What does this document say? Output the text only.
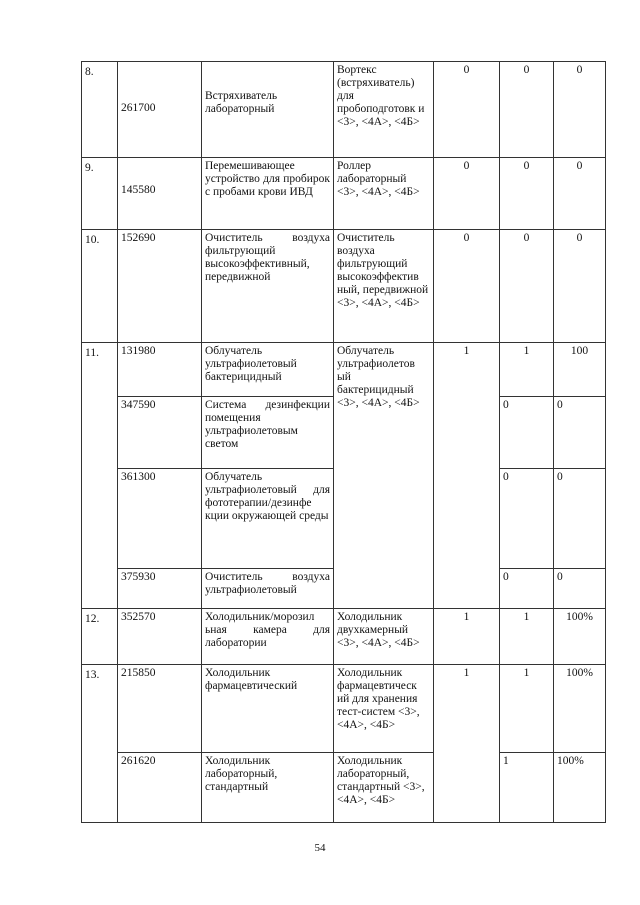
8.	261700	Встряхиватель лабораторный	Вортекс (встряхиватель) для пробоподготовк и <3>, <4А>, <4Б>	0	0	0
9.	145580	Перемешивающее устройство для пробирок с пробами крови ИВД	Роллер лабораторный <3>, <4А>, <4Б>	0	0	0
10.	152690	Очиститель воздуха фильтрующий высокоэффективный, передвижной	Очиститель воздуха фильтрующий высокоэффектив ный, передвижной <3>, <4А>, <4Б>	0	0	0
11.	131980	Облучатель ультрафиолетовый бактерицидный	Облучатель ультрафиолетов ый бактерицидный <3>, <4А>, <4Б>	1	1	100
	347590	Система дезинфекции помещения ультрафиолетовым светом			0	0
	361300	Облучатель ультрафиолетовый для фототерапии/дезинфе кции окружающей среды			0	0
	375930	Очиститель воздуха ультрафиолетовый			0	0
12.	352570	Холодильник/морозил ьная камера для лаборатории	Холодильник двухкамерный <3>, <4А>, <4Б>	1	1	100%
13.	215850	Холодильник фармацевтический	Холодильник фармацевтическ ий для хранения тест-систем <3>, <4А>, <4Б>	1	1	100%
	261620	Холодильник лабораторный, стандартный	Холодильник лабораторный, стандартный <3>, <4А>, <4Б>		1	100%
54
